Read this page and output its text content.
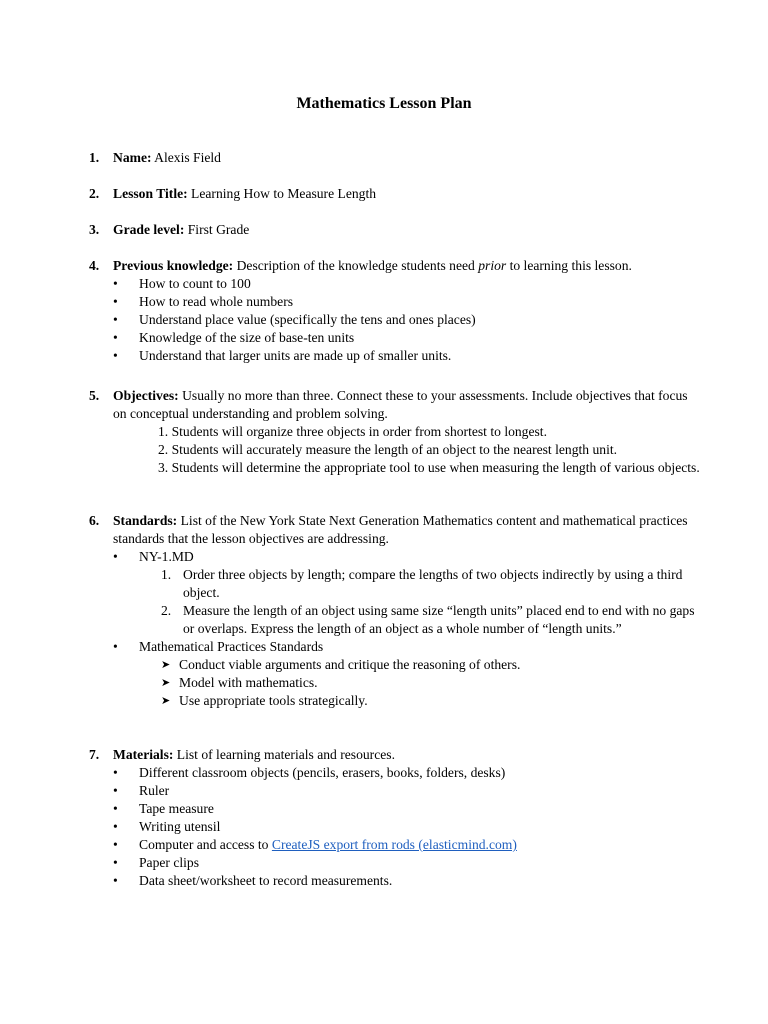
Mathematics Lesson Plan
1. Name: Alexis Field
2. Lesson Title: Learning How to Measure Length
3. Grade level: First Grade
4. Previous knowledge: Description of the knowledge students need prior to learning this lesson.
• How to count to 100
• How to read whole numbers
• Understand place value (specifically the tens and ones places)
• Knowledge of the size of base-ten units
• Understand that larger units are made up of smaller units.
5. Objectives: Usually no more than three. Connect these to your assessments. Include objectives that focus on conceptual understanding and problem solving.
1. Students will organize three objects in order from shortest to longest.
2. Students will accurately measure the length of an object to the nearest length unit.
3. Students will determine the appropriate tool to use when measuring the length of various objects.
6. Standards: List of the New York State Next Generation Mathematics content and mathematical practices standards that the lesson objectives are addressing.
• NY-1.MD
1. Order three objects by length; compare the lengths of two objects indirectly by using a third object.
2. Measure the length of an object using same size “length units” placed end to end with no gaps or overlaps. Express the length of an object as a whole number of “length units.”
• Mathematical Practices Standards
➤ Conduct viable arguments and critique the reasoning of others.
➤ Model with mathematics.
➤ Use appropriate tools strategically.
7. Materials: List of learning materials and resources.
• Different classroom objects (pencils, erasers, books, folders, desks)
• Ruler
• Tape measure
• Writing utensil
• Computer and access to CreateJS export from rods (elasticmind.com)
• Paper clips
• Data sheet/worksheet to record measurements.
